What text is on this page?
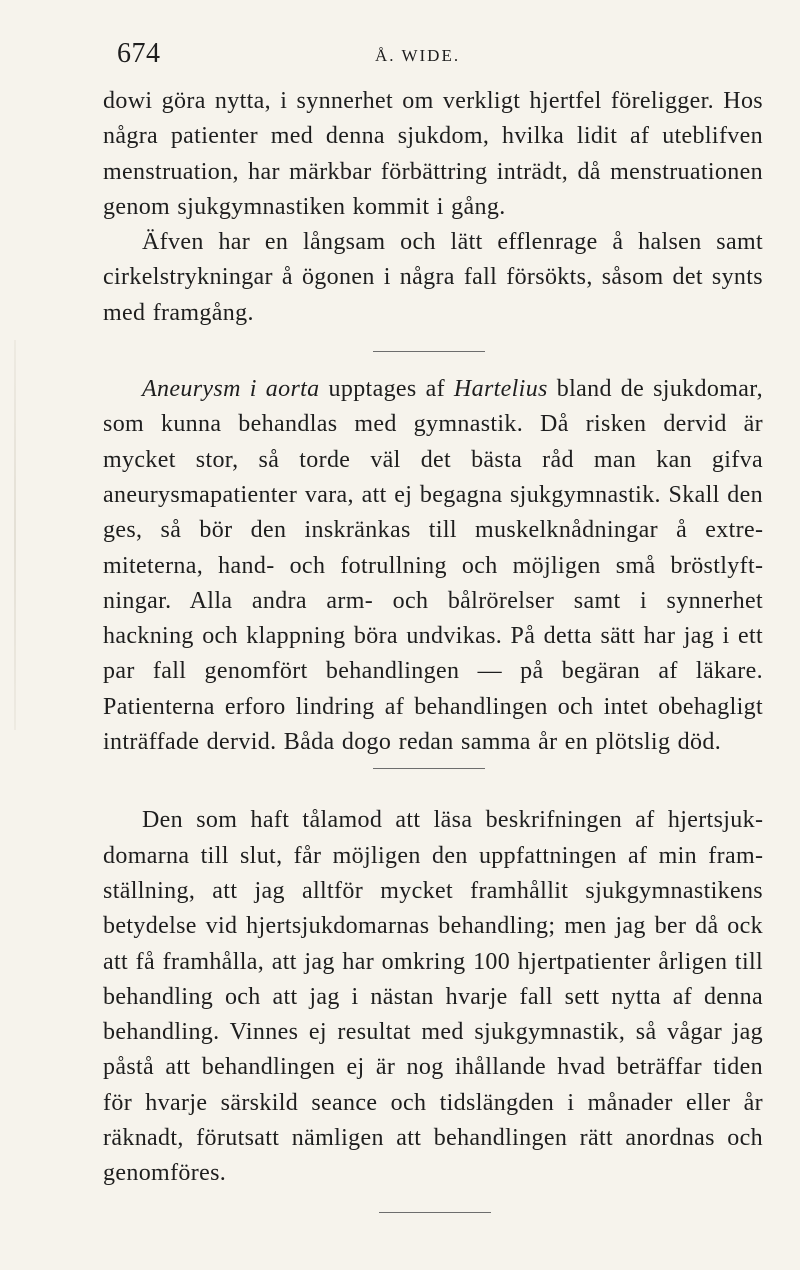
674	Å. WIDE.

dowi göra nytta, i synnerhet om verkligt hjertfel föreligger. Hos några patienter med denna sjukdom, hvilka lidit af uteblifven menstruation, har märkbar förbättring inträdt, då menstruationen genom sjukgymnastiken kommit i gång.

Äfven har en långsam och lätt efflenrage å halsen samt cirkelstrykningar å ögonen i några fall försökts, såsom det synts med framgång.

Aneurysm i aorta upptages af Hartelius bland de sjukdomar, som kunna behandlas med gymnastik. Då risken dervid är mycket stor, så torde väl det bästa råd man kan gifva aneurysmapatienter vara, att ej begagna sjukgymnastik. Skall den ges, så bör den inskränkas till muskelknådningar å extremiteterna, hand- och fotrullning och möjligen små bröstlyftningar. Alla andra arm- och bålrörelser samt i synnerhet hackning och klappning böra undvikas. På detta sätt har jag i ett par fall genomfört behandlingen — på begäran af läkare. Patienterna erforo lindring af behandlingen och intet obehagligt inträffade dervid. Båda dogo redan samma år en plötslig död.

Den som haft tålamod att läsa beskrifningen af hjertsjukdomarna till slut, får möjligen den uppfattningen af min framställning, att jag alltför mycket framhållit sjukgymnastikens betydelse vid hjertsjukdomarnas behandling; men jag ber då ock att få framhålla, att jag har omkring 100 hjertpatienter årligen till behandling och att jag i nästan hvarje fall sett nytta af denna behandling. Vinnes ej resultat med sjukgymnastik, så vågar jag påstå att behandlingen ej är nog ihållande hvad beträffar tiden för hvarje särskild seance och tidslängden i månader eller år räknadt, förutsatt nämligen att behandlingen rätt anordnas och genomföres.
